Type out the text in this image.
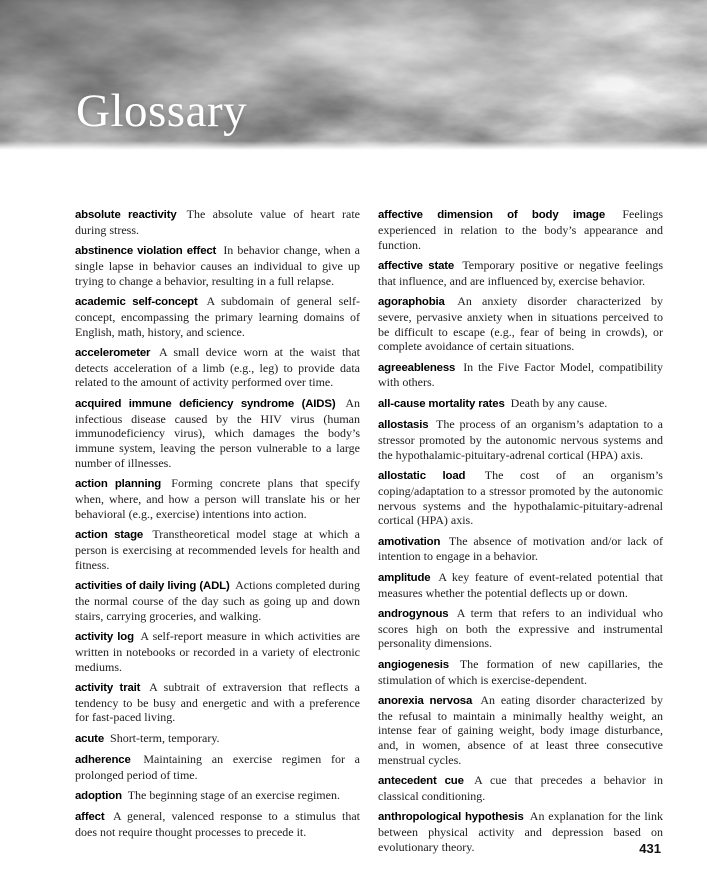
Glossary

absolute reactivity The absolute value of heart rate during stress.

abstinence violation effect In behavior change, when a single lapse in behavior causes an individual to give up trying to change a behavior, resulting in a full relapse.

academic self-concept A subdomain of general self-concept, encompassing the primary learning domains of English, math, history, and science.

accelerometer A small device worn at the waist that detects acceleration of a limb (e.g., leg) to provide data related to the amount of activity performed over time.

acquired immune deficiency syndrome (AIDS) An infectious disease caused by the HIV virus (human immunodeficiency virus), which damages the body’s immune system, leaving the person vulnerable to a large number of illnesses.

action planning Forming concrete plans that specify when, where, and how a person will translate his or her behavioral (e.g., exercise) intentions into action.

action stage Transtheoretical model stage at which a person is exercising at recommended levels for health and fitness.

activities of daily living (ADL) Actions completed during the normal course of the day such as going up and down stairs, carrying groceries, and walking.

activity log A self-report measure in which activities are written in notebooks or recorded in a variety of electronic mediums.

activity trait A subtrait of extraversion that reflects a tendency to be busy and energetic and with a preference for fast-paced living.

acute Short-term, temporary.

adherence Maintaining an exercise regimen for a prolonged period of time.

adoption The beginning stage of an exercise regimen.

affect A general, valenced response to a stimulus that does not require thought processes to precede it.

affective dimension of body image Feelings experienced in relation to the body’s appearance and function.

affective state Temporary positive or negative feelings that influence, and are influenced by, exercise behavior.

agoraphobia An anxiety disorder characterized by severe, pervasive anxiety when in situations perceived to be difficult to escape (e.g., fear of being in crowds), or complete avoidance of certain situations.

agreeableness In the Five Factor Model, compatibility with others.

all-cause mortality rates Death by any cause.

allostasis The process of an organism’s adaptation to a stressor promoted by the autonomic nervous systems and the hypothalamic-pituitary-adrenal cortical (HPA) axis.

allostatic load The cost of an organism’s coping/adaptation to a stressor promoted by the autonomic nervous systems and the hypothalamic-pituitary-adrenal cortical (HPA) axis.

amotivation The absence of motivation and/or lack of intention to engage in a behavior.

amplitude A key feature of event-related potential that measures whether the potential deflects up or down.

androgynous A term that refers to an individual who scores high on both the expressive and instrumental personality dimensions.

angiogenesis The formation of new capillaries, the stimulation of which is exercise-dependent.

anorexia nervosa An eating disorder characterized by the refusal to maintain a minimally healthy weight, an intense fear of gaining weight, body image disturbance, and, in women, absence of at least three consecutive menstrual cycles.

antecedent cue A cue that precedes a behavior in classical conditioning.

anthropological hypothesis An explanation for the link between physical activity and depression based on evolutionary theory.	431
